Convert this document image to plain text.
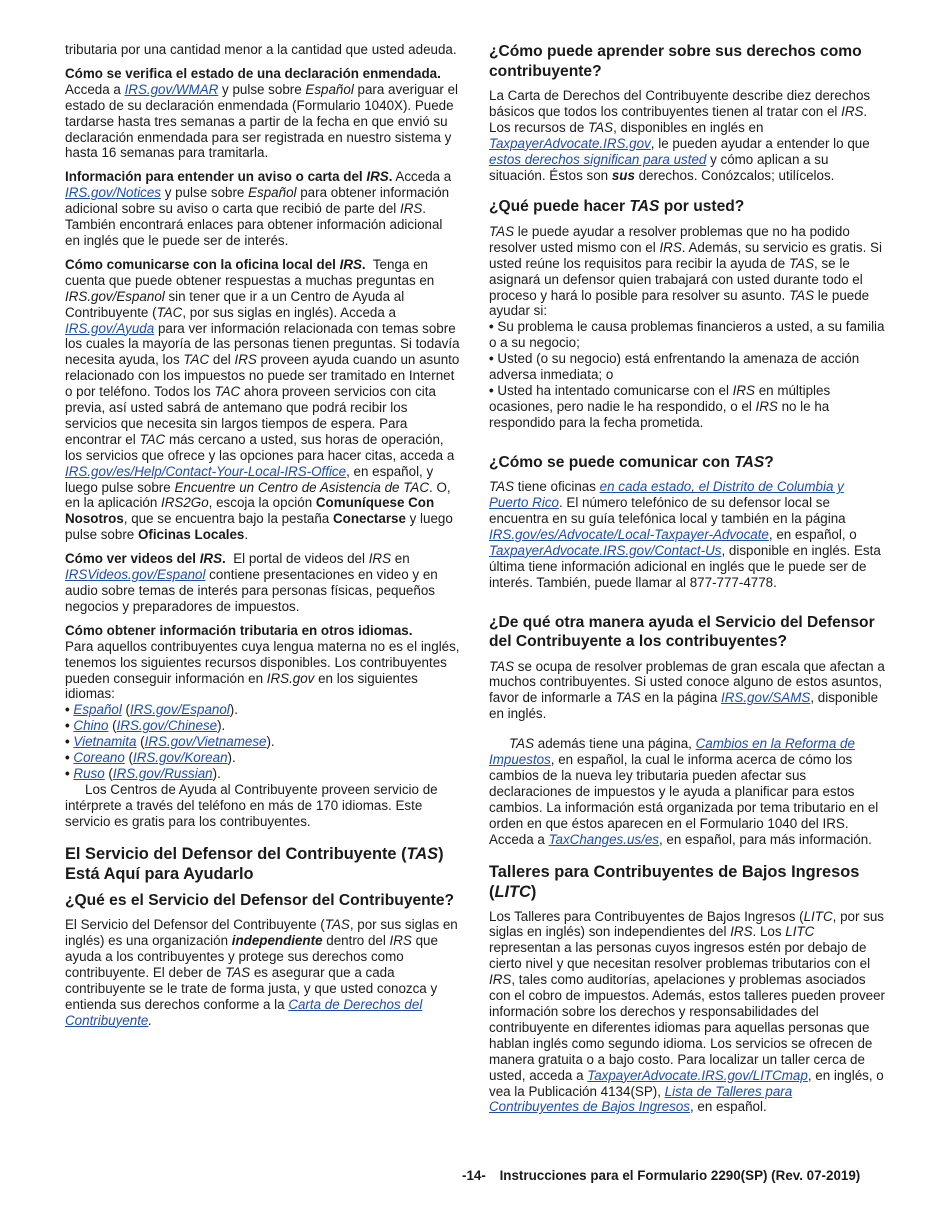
tributaria por una cantidad menor a la cantidad que usted adeuda.

Cómo se verifica el estado de una declaración enmendada. Acceda a IRS.gov/WMAR y pulse sobre Español para averiguar el estado de su declaración enmendada (Formulario 1040X). Puede tardarse hasta tres semanas a partir de la fecha en que envió su declaración enmendada para ser registrada en nuestro sistema y hasta 16 semanas para tramitarla.

Información para entender un aviso o carta del IRS. Acceda a IRS.gov/Notices y pulse sobre Español para obtener información adicional sobre su aviso o carta que recibió de parte del IRS. También encontrará enlaces para obtener información adicional en inglés que le puede ser de interés.

Cómo comunicarse con la oficina local del IRS. Tenga en cuenta que puede obtener respuestas a muchas preguntas en IRS.gov/Espanol sin tener que ir a un Centro de Ayuda al Contribuyente (TAC, por sus siglas en inglés). Acceda a IRS.gov/Ayuda para ver información relacionada con temas sobre los cuales la mayoría de las personas tienen preguntas. Si todavía necesita ayuda, los TAC del IRS proveen ayuda cuando un asunto relacionado con los impuestos no puede ser tramitado en Internet o por teléfono. Todos los TAC ahora proveen servicios con cita previa, así usted sabrá de antemano que podrá recibir los servicios que necesita sin largos tiempos de espera. Para encontrar el TAC más cercano a usted, sus horas de operación, los servicios que ofrece y las opciones para hacer citas, acceda a IRS.gov/es/Help/Contact-Your-Local-IRS-Office, en español, y luego pulse sobre Encuentre un Centro de Asistencia de TAC. O, en la aplicación IRS2Go, escoja la opción Comuníquese Con Nosotros, que se encuentra bajo la pestaña Conectarse y luego pulse sobre Oficinas Locales.

Cómo ver videos del IRS. El portal de videos del IRS en IRSVideos.gov/Espanol contiene presentaciones en video y en audio sobre temas de interés para personas físicas, pequeños negocios y preparadores de impuestos.

Cómo obtener información tributaria en otros idiomas.
Para aquellos contribuyentes cuya lengua materna no es el inglés, tenemos los siguientes recursos disponibles. Los contribuyentes pueden conseguir información en IRS.gov en los siguientes idiomas:

• Español (IRS.gov/Espanol).
• Chino (IRS.gov/Chinese).
• Vietnamita (IRS.gov/Vietnamese).
• Coreano (IRS.gov/Korean).
• Ruso (IRS.gov/Russian).

Los Centros de Ayuda al Contribuyente proveen servicio de intérprete a través del teléfono en más de 170 idiomas. Este servicio es gratis para los contribuyentes.

El Servicio del Defensor del Contribuyente (TAS) Está Aquí para Ayudarlo
¿Qué es el Servicio del Defensor del Contribuyente?

El Servicio del Defensor del Contribuyente (TAS, por sus siglas en inglés) es una organización independiente dentro del IRS que ayuda a los contribuyentes y protege sus derechos como contribuyente. El deber de TAS es asegurar que a cada contribuyente se le trate de forma justa, y que usted conozca y entienda sus derechos conforme a la Carta de Derechos del Contribuyente.

¿Cómo puede aprender sobre sus derechos como contribuyente?

La Carta de Derechos del Contribuyente describe diez derechos básicos que todos los contribuyentes tienen al tratar con el IRS. Los recursos de TAS, disponibles en inglés en TaxpayerAdvocate.IRS.gov, le pueden ayudar a entender lo que estos derechos significan para usted y cómo aplican a su situación. Éstos son sus derechos. Conózcalos; utilícelos.

¿Qué puede hacer TAS por usted?

TAS le puede ayudar a resolver problemas que no ha podido resolver usted mismo con el IRS. Además, su servicio es gratis. Si usted reúne los requisitos para recibir la ayuda de TAS, se le asignará un defensor quien trabajará con usted durante todo el proceso y hará lo posible para resolver su asunto. TAS le puede ayudar si:

• Su problema le causa problemas financieros a usted, a su familia o a su negocio;
• Usted (o su negocio) está enfrentando la amenaza de acción adversa inmediata; o
• Usted ha intentado comunicarse con el IRS en múltiples ocasiones, pero nadie le ha respondido, o el IRS no le ha respondido para la fecha prometida.
¿Cómo se puede comunicar con TAS?

TAS tiene oficinas en cada estado, el Distrito de Columbia y Puerto Rico. El número telefónico de su defensor local se encuentra en su guía telefónica local y también en la página IRS.gov/es/Advocate/Local-Taxpayer-Advocate, en español, o TaxpayerAdvocate.IRS.gov/Contact-Us, disponible en inglés. Esta última tiene información adicional en inglés que le puede ser de interés. También, puede llamar al 877-777-4778.

¿De qué otra manera ayuda el Servicio del Defensor del Contribuyente a los contribuyentes?

TAS se ocupa de resolver problemas de gran escala que afectan a muchos contribuyentes. Si usted conoce alguno de estos asuntos, favor de informarle a TAS en la página IRS.gov/SAMS, disponible en inglés.

TAS además tiene una página, Cambios en la Reforma de Impuestos, en español, la cual le informa acerca de cómo los cambios de la nueva ley tributaria pueden afectar sus declaraciones de impuestos y le ayuda a planificar para estos cambios. La información está organizada por tema tributario en el orden en que éstos aparecen en el Formulario 1040 del IRS. Acceda a TaxChanges.us/es, en español, para más información.

Talleres para Contribuyentes de Bajos Ingresos (LITC)

Los Talleres para Contribuyentes de Bajos Ingresos (LITC, por sus siglas en inglés) son independientes del IRS. Los LITC representan a las personas cuyos ingresos estén por debajo de cierto nivel y que necesitan resolver problemas tributarios con el IRS, tales como auditorías, apelaciones y problemas asociados con el cobro de impuestos. Además, estos talleres pueden proveer información sobre los derechos y responsabilidades del contribuyente en diferentes idiomas para aquellas personas que hablan inglés como segundo idioma. Los servicios se ofrecen de manera gratuita o a bajo costo. Para localizar un taller cerca de usted, acceda a TaxpayerAdvocate.IRS.gov/LITCmap, en inglés, o vea la Publicación 4134(SP), Lista de Talleres para Contribuyentes de Bajos Ingresos, en español.

-14- Instrucciones para el Formulario 2290(SP) (Rev. 07-2019)
